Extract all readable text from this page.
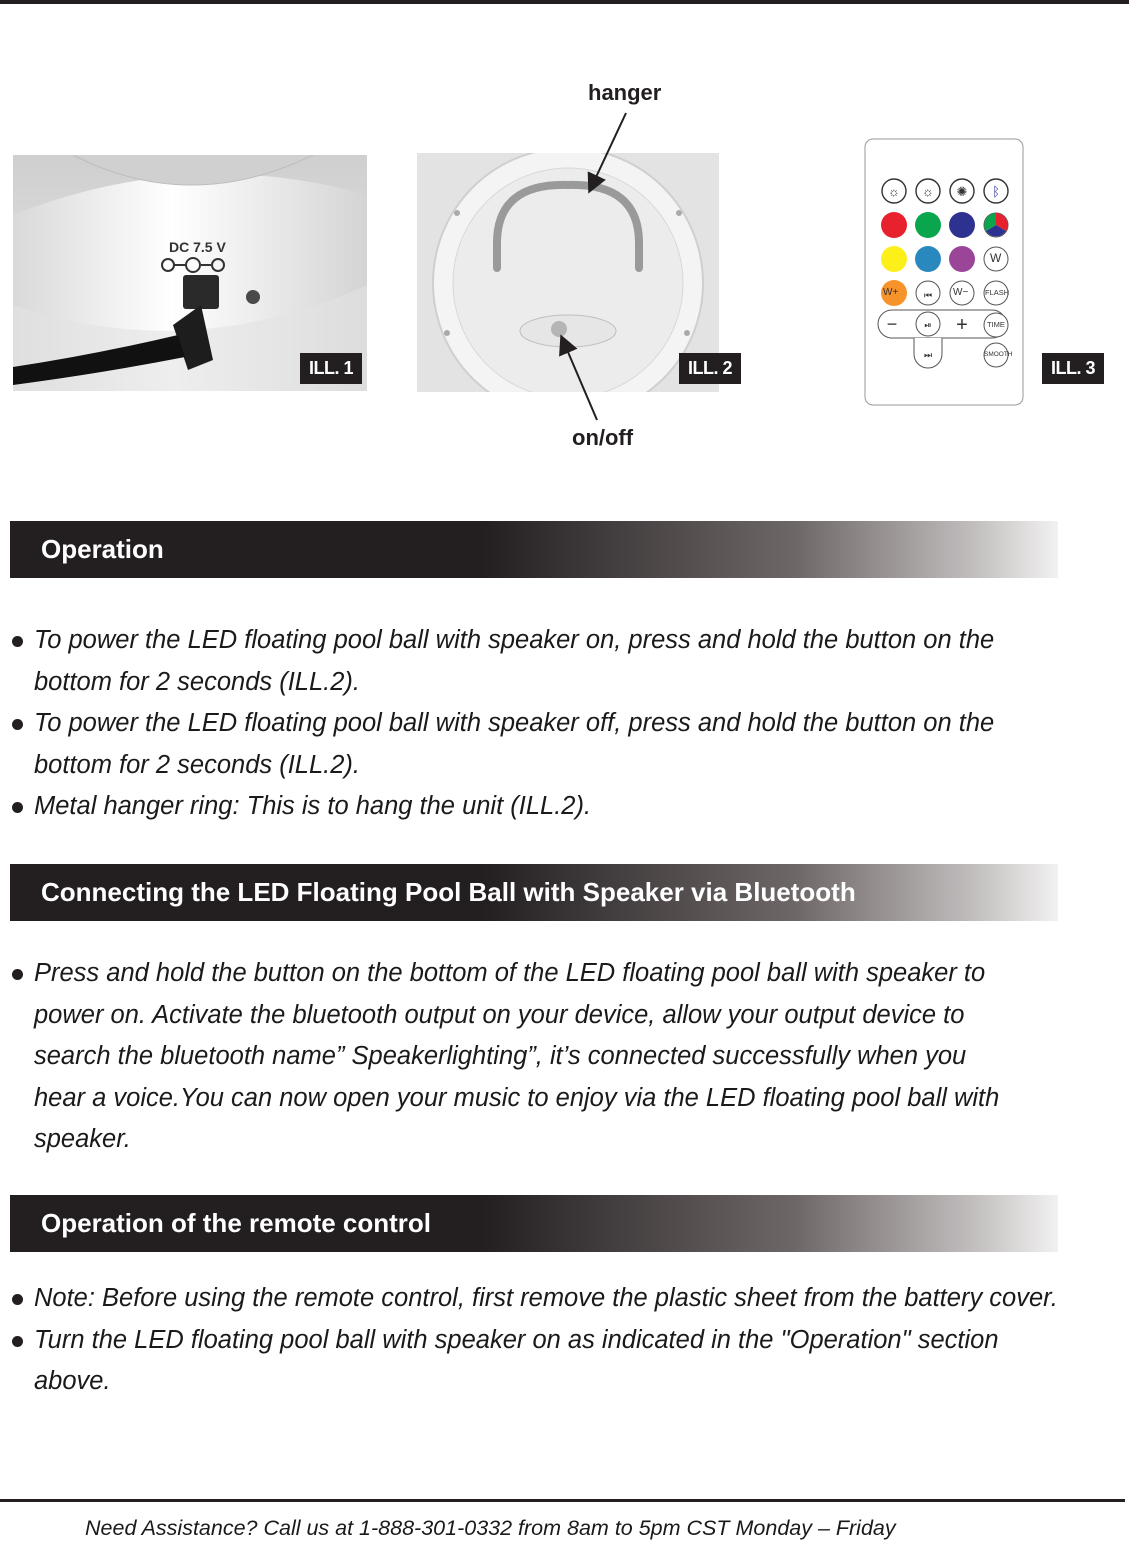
DC 7.5 V
ILL. 1	ILL. 2
hanger
on/off
☼ ☼ ✺ ᛒ
−	+
⏮
⏯
⏭
W
W+	W− FLASH
TIME
SMOOTH
ILL. 3
Operation
To power the LED floating pool ball with speaker on, press and hold the button on the bottom for 2 seconds (ILL.2).
To power the LED floating pool ball with speaker off, press and hold the button on the bottom for 2 seconds (ILL.2).
Metal hanger ring: This is to hang the unit (ILL.2).
Connecting the LED Floating Pool Ball with Speaker via Bluetooth
Press and hold the button on the bottom of the LED floating pool ball with speaker to power on. Activate the bluetooth output on your device, allow your output device to search the bluetooth name” Speakerlighting”, it’s connected successfully when you hear a voice.You can now open your music to enjoy via the LED floating pool ball with speaker.
Operation of the remote control
Note: Before using the remote control, first remove the plastic sheet from the battery cover.
Turn the LED floating pool ball with speaker on as indicated in the "Operation" section above.
Need Assistance? Call us at 1-888-301-0332 from 8am to 5pm CST Monday – Friday
